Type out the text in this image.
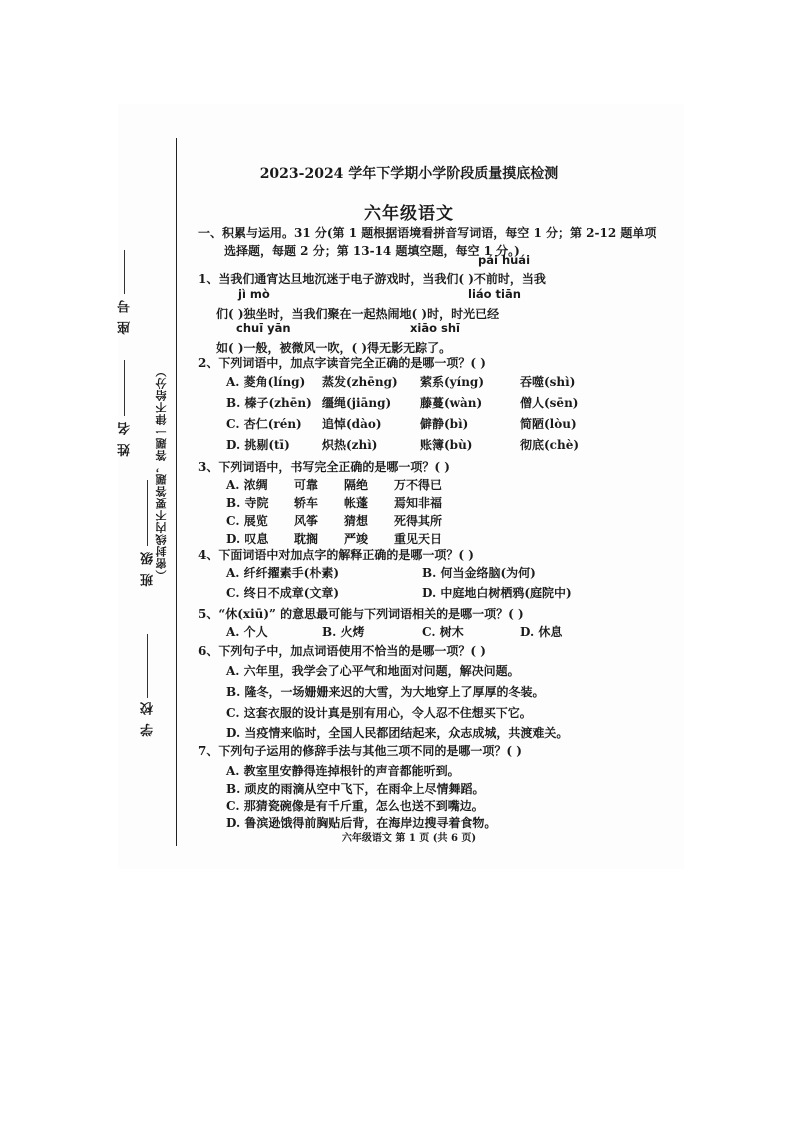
学 校
班 级
姓 名
座 号
（密封线内不要答题，答题一律不给分）
2023-2024 学年下学期小学阶段质量摸底检测
六年级语文
一、积累与运用。31 分(第 1 题根据语境看拼音写词语，每空 1 分；第 2-12 题单项
选择题，每题 2 分；第 13-14 题填空题，每空 1 分。)
pái huái
1、当我们通宵达旦地沉迷于电子游戏时，当我们( )不前时，当我
jì mò	liáo tiān
们( )独坐时，当我们聚在一起热闹地( )时，时光已经
chuī yān	xiāo shī
如( )一般，被微风一吹，( )得无影无踪了。
2、下列词语中，加点字读音完全正确的是哪一项？( )
A. 菱角(líng) 蒸发(zhēng) 萦系(yíng)	吞噬(shì)
B. 榛子(zhēn) 缰绳(jiāng) 藤蔓(wàn)	僧人(sēn)
C. 杏仁(rén) 追悼(dào)	僻静(bì)	简陋(lòu)
D. 挑剔(tī)	炽热(zhì)	账簿(bù)	彻底(chè)
3、下列词语中，书写完全正确的是哪一项？( )
A. 浓绸 可靠 隔绝 万不得已
B. 寺院 轿车 帐蓬 焉知非福
C. 展览 风筝 猜想 死得其所
D. 叹息 耽搁 严竣 重见天日
4、下面词语中对加点字的解释正确的是哪一项？( )
A. 纤纤擢素手(朴素)	B. 何当金络脑(为何)
C. 终日不成章(文章)	D. 中庭地白树栖鸦(庭院中)
5、“休(xiū)” 的意思最可能与下列词语相关的是哪一项？( )
A. 个人	B. 火烤	C. 树木	D. 休息
6、下列句子中，加点词语使用不恰当的是哪一项？( )
A. 六年里，我学会了心平气和地面对问题，解决问题。
B. 隆冬，一场姗姗来迟的大雪，为大地穿上了厚厚的冬装。
C. 这套衣服的设计真是别有用心，令人忍不住想买下它。
D. 当疫情来临时，全国人民都团结起来，众志成城，共渡难关。
7、下列句子运用的修辞手法与其他三项不同的是哪一项？( )
A. 教室里安静得连掉根针的声音都能听到。
B. 顽皮的雨滴从空中飞下，在雨伞上尽情舞蹈。
C. 那猜瓷碗像是有千斤重，怎么也送不到嘴边。
D. 鲁滨逊饿得前胸贴后背，在海岸边搜寻着食物。
六年级语文 第 1 页 (共 6 页)
